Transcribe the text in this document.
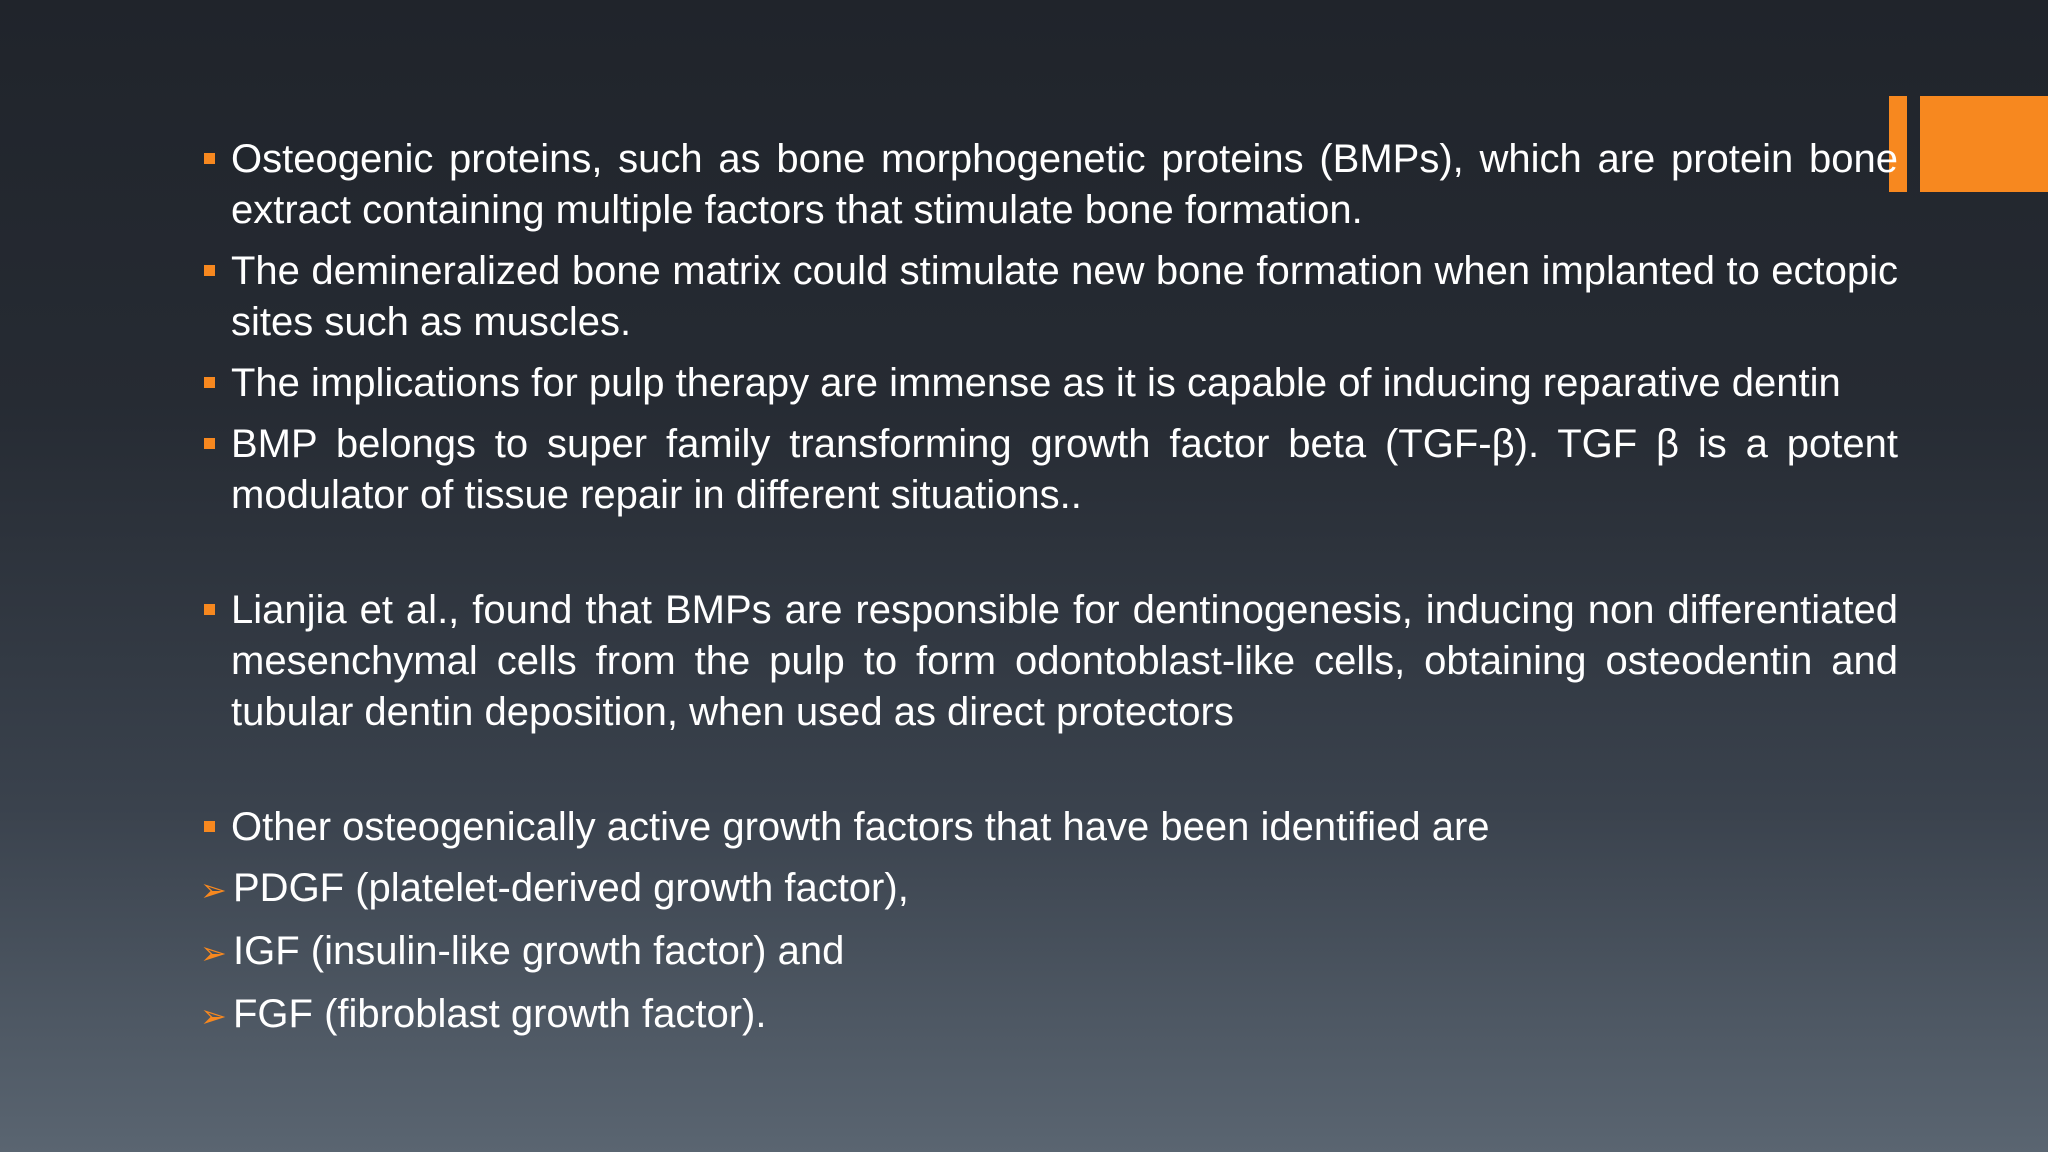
Osteogenic proteins, such as bone morphogenetic proteins (BMPs), which are protein bone extract containing multiple factors that stimulate bone formation.
The demineralized bone matrix could stimulate new bone formation when implanted to ectopic sites such as muscles.
The implications for pulp therapy are immense as it is capable of inducing reparative dentin
BMP belongs to super family transforming growth factor beta (TGF-β). TGF β is a potent modulator of tissue repair in different situations..
Lianjia et al., found that BMPs are responsible for dentinogenesis, inducing non differentiated mesenchymal cells from the pulp to form odontoblast-like cells, obtaining osteodentin and tubular dentin deposition, when used as direct protectors
Other osteogenically active growth factors that have been identified are
➢ PDGF (platelet-derived growth factor),
➢ IGF (insulin-like growth factor) and
➢ FGF (fibroblast growth factor).
